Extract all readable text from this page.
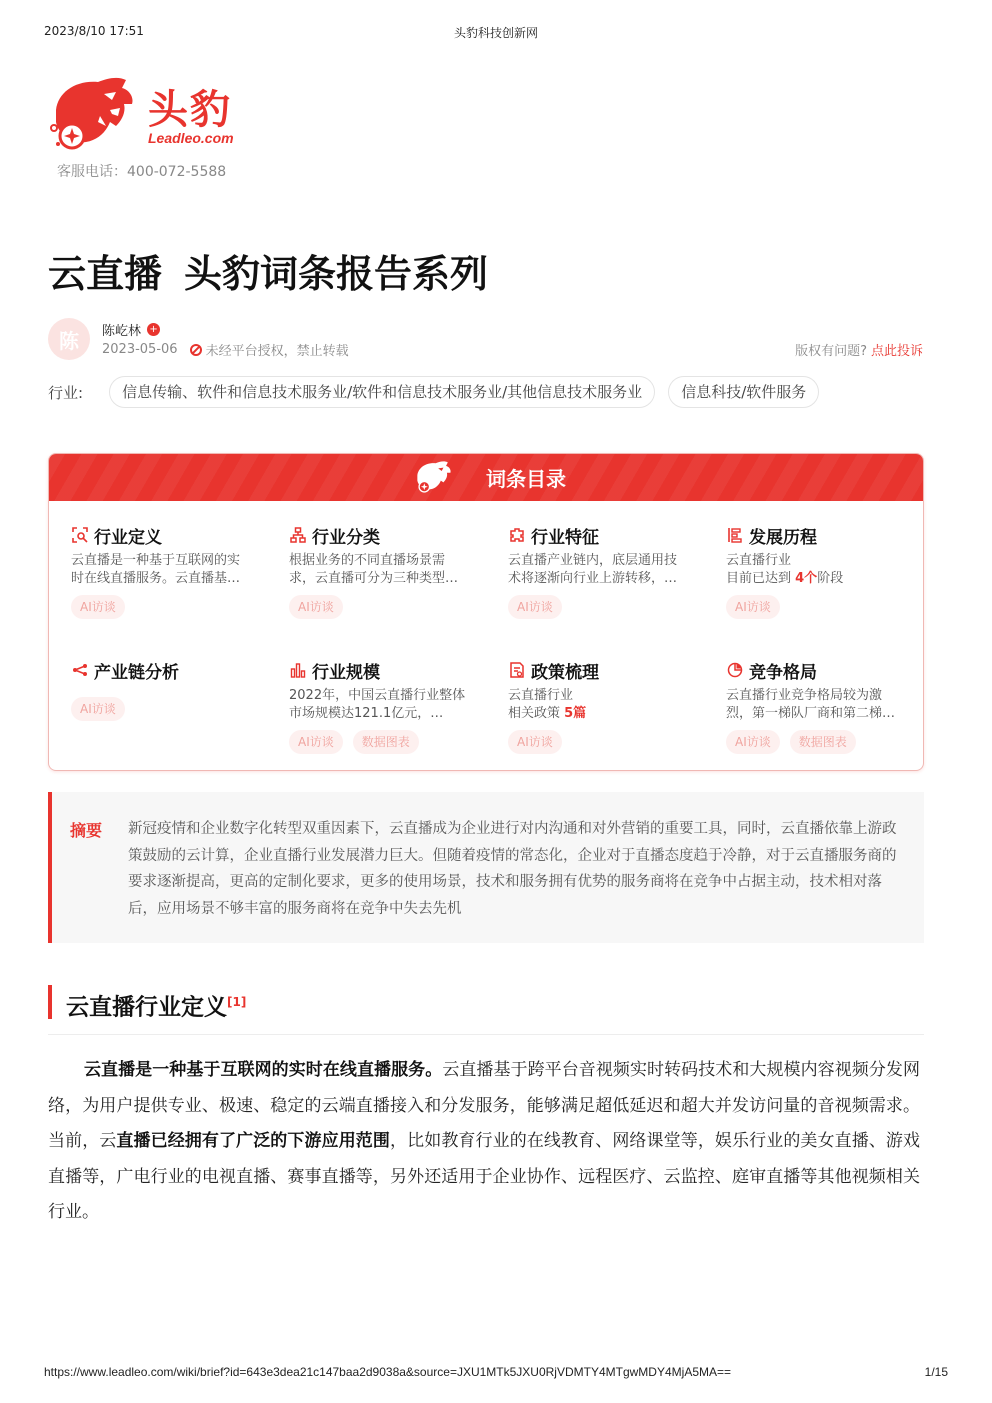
2023/8/10 17:51	头豹科技创新网
头豹
Leadleo.com
客服电话：400-072-5588
云直播 头豹词条报告系列
陈	陈屹林 +
2023-05-06 未经平台授权，禁止转载	版权有问题? 点此投诉
行业:	信息传输、软件和信息技术服务业/软件和信息技术服务业/其他信息技术服务业	信息科技/软件服务
词条目录
行业定义
云直播是一种基于互联网的实时在线直播服务。云直播基…
AI访谈
行业分类
根据业务的不同直播场景需求，云直播可分为三种类型…
AI访谈
行业特征
云直播产业链内，底层通用技术将逐渐向行业上游转移，…
AI访谈
发展历程
云直播行业
目前已达到 4个阶段
AI访谈
产业链分析
AI访谈
行业规模
2022年，中国云直播行业整体市场规模达121.1亿元，…
AI访谈	数据图表
政策梳理
云直播行业
相关政策 5篇
AI访谈
竞争格局
云直播行业竞争格局较为激烈，第一梯队厂商和第二梯…
AI访谈	数据图表
摘要 新冠疫情和企业数字化转型双重因素下，云直播成为企业进行对内沟通和对外营销的重要工具，同时，云直播依靠上游政策鼓励的云计算，企业直播行业发展潜力巨大。但随着疫情的常态化，企业对于直播态度趋于冷静，对于云直播服务商的要求逐渐提高，更高的定制化要求，更多的使用场景，技术和服务拥有优势的服务商将在竞争中占据主动，技术相对落后，应用场景不够丰富的服务商将在竞争中失去先机

云直播行业定义[1]

云直播是一种基于互联网的实时在线直播服务。云直播基于跨平台音视频实时转码技术和大规模内容视频分发网络，为用户提供专业、极速、稳定的云端直播接入和分发服务，能够满足超低延迟和超大并发访问量的音视频需求。当前，云直播已经拥有了广泛的下游应用范围，比如教育行业的在线教育、网络课堂等，娱乐行业的美女直播、游戏直播等，广电行业的电视直播、赛事直播等，另外还适用于企业协作、远程医疗、云监控、庭审直播等其他视频相关行业。

https://www.leadleo.com/wiki/brief?id=643e3dea21c147baa2d9038a&source=JXU1MTk5JXU0RjVDMTY4MTgwMDY4MjA5MA==	1/15
